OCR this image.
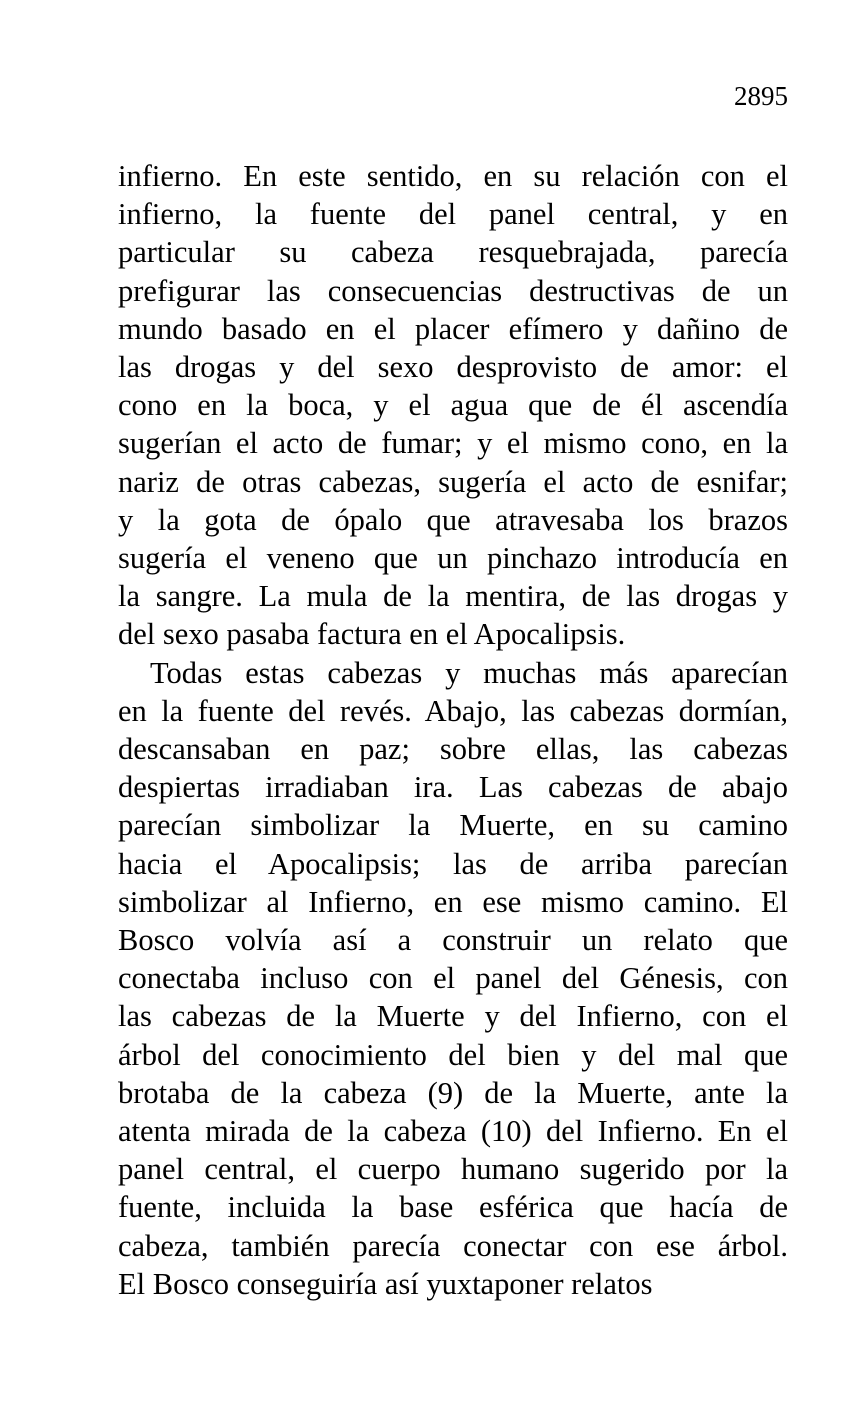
2895

infierno. En este sentido, en su relación con el
infierno, la fuente del panel central, y en
particular su cabeza resquebrajada, parecía
prefigurar las consecuencias destructivas de un
mundo basado en el placer efímero y dañino de
las drogas y del sexo desprovisto de amor: el
cono en la boca, y el agua que de él ascendía
sugerían el acto de fumar; y el mismo cono, en la
nariz de otras cabezas, sugería el acto de esnifar;
y la gota de ópalo que atravesaba los brazos
sugería el veneno que un pinchazo introducía en
la sangre. La mula de la mentira, de las drogas y
del sexo pasaba factura en el Apocalipsis.

Todas estas cabezas y muchas más aparecían
en la fuente del revés. Abajo, las cabezas dormían,
descansaban en paz; sobre ellas, las cabezas
despiertas irradiaban ira. Las cabezas de abajo
parecían simbolizar la Muerte, en su camino
hacia el Apocalipsis; las de arriba parecían
simbolizar al Infierno, en ese mismo camino. El
Bosco volvía así a construir un relato que
conectaba incluso con el panel del Génesis, con
las cabezas de la Muerte y del Infierno, con el
árbol del conocimiento del bien y del mal que
brotaba de la cabeza (9) de la Muerte, ante la
atenta mirada de la cabeza (10) del Infierno. En el
panel central, el cuerpo humano sugerido por la
fuente, incluida la base esférica que hacía de
cabeza, también parecía conectar con ese árbol.
El Bosco conseguiría así yuxtaponer relatos
